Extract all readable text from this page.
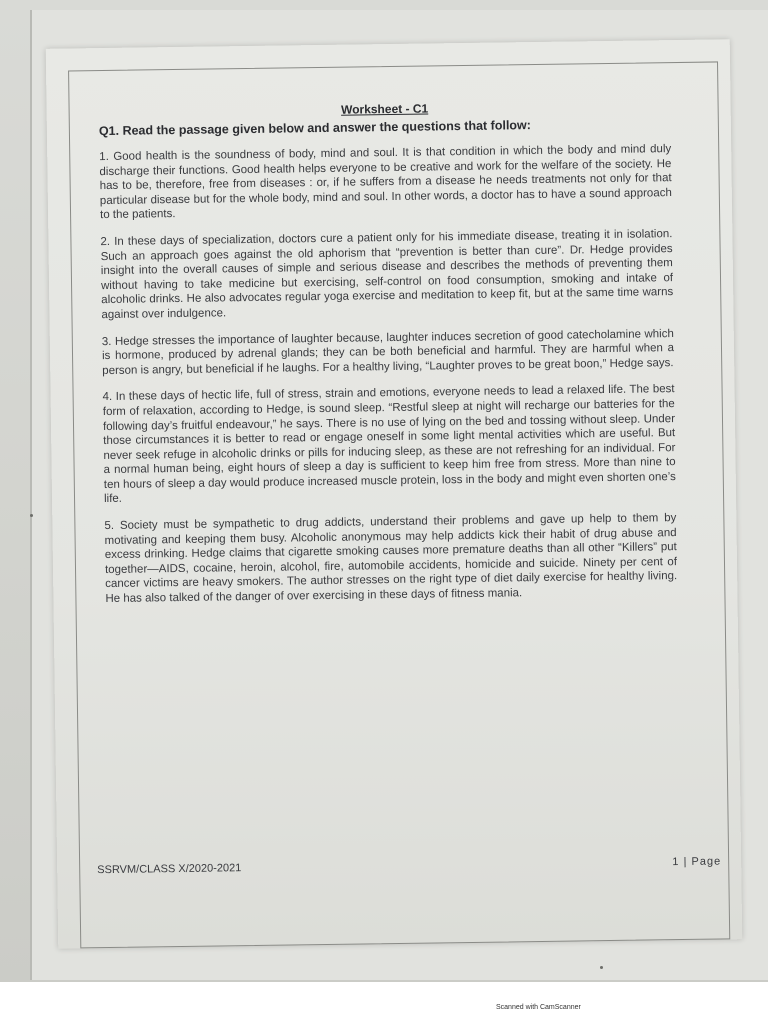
Worksheet - C1
Q1. Read the passage given below and answer the questions that follow:

1. Good health is the soundness of body, mind and soul. It is that condition in which the body and mind duly discharge their functions. Good health helps everyone to be creative and work for the welfare of the society. He has to be, therefore, free from diseases : or, if he suffers from a disease he needs treatments not only for that particular disease but for the whole body, mind and soul. In other words, a doctor has to have a sound approach to the patients.

2. In these days of specialization, doctors cure a patient only for his immediate disease, treating it in isolation. Such an approach goes against the old aphorism that “prevention is better than cure”. Dr. Hedge provides insight into the overall causes of simple and serious disease and describes the methods of preventing them without having to take medicine but exercising, self-control on food consumption, smoking and intake of alcoholic drinks. He also advocates regular yoga exercise and meditation to keep fit, but at the same time warns against over indulgence.

3. Hedge stresses the importance of laughter because, laughter induces secretion of good catecholamine which is hormone, produced by adrenal glands; they can be both beneficial and harmful. They are harmful when a person is angry, but beneficial if he laughs. For a healthy living, “Laughter proves to be great boon,” Hedge says.

4. In these days of hectic life, full of stress, strain and emotions, everyone needs to lead a relaxed life. The best form of relaxation, according to Hedge, is sound sleep. “Restful sleep at night will recharge our batteries for the following day’s fruitful endeavour,” he says. There is no use of lying on the bed and tossing without sleep. Under those circumstances it is better to read or engage oneself in some light mental activities which are useful. But never seek refuge in alcoholic drinks or pills for inducing sleep, as these are not refreshing for an individual. For a normal human being, eight hours of sleep a day is sufficient to keep him free from stress. More than nine to ten hours of sleep a day would produce increased muscle protein, loss in the body and might even shorten one’s life.

5. Society must be sympathetic to drug addicts, understand their problems and gave up help to them by motivating and keeping them busy. Alcoholic anonymous may help addicts kick their habit of drug abuse and excess drinking. Hedge claims that cigarette smoking causes more premature deaths than all other “Killers” put together—AIDS, cocaine, heroin, alcohol, fire, automobile accidents, homicide and suicide. Ninety per cent of cancer victims are heavy smokers. The author stresses on the right type of diet daily exercise for healthy living. He has also talked of the danger of over exercising in these days of fitness mania.

SSRVM/CLASS X/2020-2021
1 | Page
Scanned with CamScanner
